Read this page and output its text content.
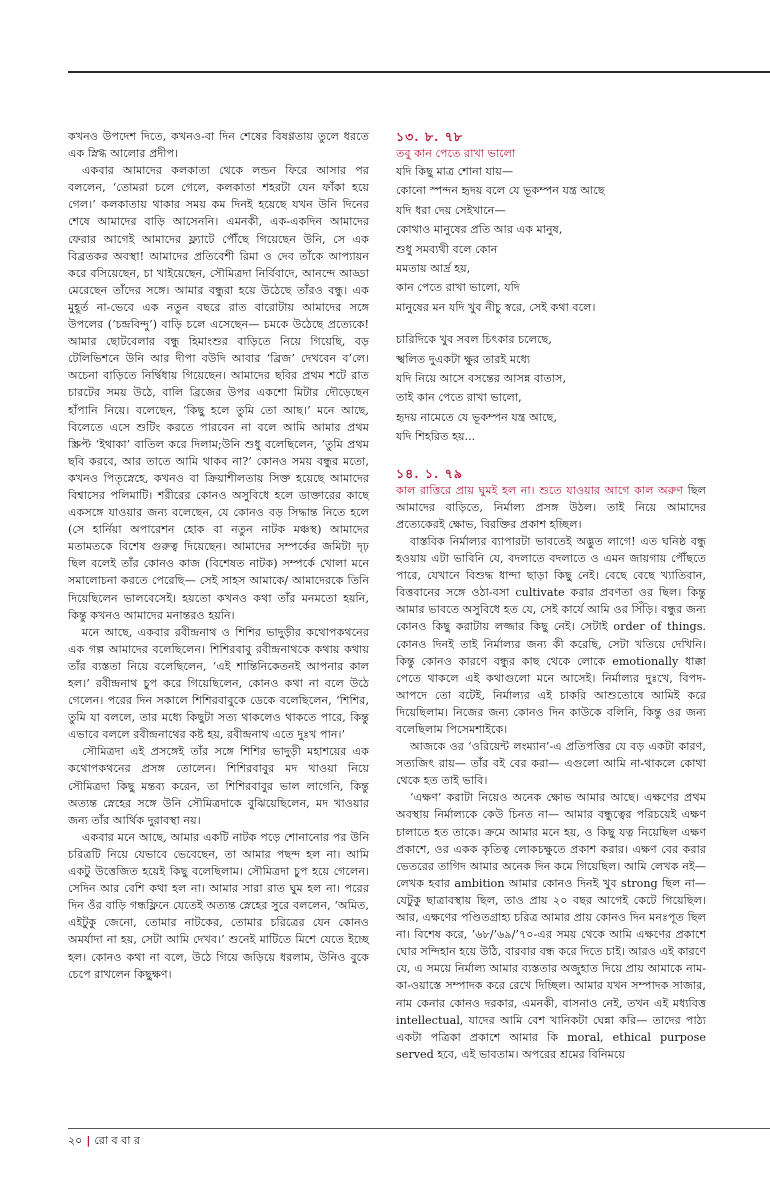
কখনও উপদেশ দিতে, কখনও-বা দিন শেষের বিষণ্ণতায় তুলে ধরতে এক স্নিগ্ধ আলোর প্রদীপ।

একবার আমাদের কলকাতা থেকে লন্ডন ফিরে আসার পর বললেন, ‘তোমরা চলে গেলে, কলকাতা শহরটা যেন ফাঁকা হয়ে গেল।’ কলকাতায় থাকার সময় কম দিনই হয়েছে যখন উনি দিনের শেষে আমাদের বাড়ি আসেননি। এমনকী, এক-একদিন আমাদের ফেরার আগেই আমাদের ফ্ল্যাটে পৌঁছে গিয়েছেন উনি, সে এক বিব্রতকর অবস্থা! আমাদের প্রতিবেশী রিমা ও দেব তাঁকে আপ্যায়ন করে বসিয়েছেন, চা খাইয়েছেন, সৌমিত্রদা নির্বিবাদে, আনন্দে আড্ডা মেরেছেন তাঁদের সঙ্গে। আমার বন্ধুরা হয়ে উঠেছে তাঁরও বন্ধু। এক মুহূর্ত না-ভেবে এক নতুন বছরে রাত বারোটায় আমাদের সঙ্গে উপলের (‘চন্দ্রবিন্দু’) বাড়ি চলে এসেছেন— চমকে উঠেছে প্রত্যেকে! আমার ছোটবেলার বন্ধু হিমাংশুর বাড়িতে নিয়ে গিয়েছি, বড় টেলিভিশনে উনি আর দীপা বউদি আবার ‘ব্রিজ’ দেখবেন ব’লে। অচেনা বাড়িতে নির্দ্বিধায় গিয়েছেন। আমাদের ছবির প্রথম শটে রাত চারটের সময় উঠে, বালি ব্রিজের উপর একশো মিটার দৌড়েছেন হাঁপানি নিয়ে। বলেছেন, ‘কিছু হলে তুমি তো আছ।’ মনে আছে, বিলেতে এসে শুটিং করতে পারবেন না বলে আমি আমার প্রথম স্ক্রিপ্ট ‘ইথাকা’ বাতিল করে দিলাম;উনি শুধু বলেছিলেন, ‘তুমি প্রথম ছবি করবে, আর তাতে আমি থাকব না?’ কোনও সময় বন্ধুর মতো, কখনও পিতৃস্নেহে, কখনও বা ক্রিয়াশীলতায় সিক্ত হয়েছে আমাদের বিশ্বাসের পলিমাটি। শরীরের কোনও অসুবিধে হলে ডাক্তারের কাছে একসঙ্গে যাওয়ার জন্য বলেছেন, যে কোনও বড় সিদ্ধান্ত নিতে হলে (সে হার্নিয়া অপারেশন হোক বা নতুন নাটক মঞ্চস্থ) আমাদের মতামতকে বিশেষ গুরুত্ব দিয়েছেন। আমাদের সম্পর্কের জমিটা দৃঢ় ছিল বলেই তাঁর কোনও কাজ (বিশেষত নাটক) সম্পর্কে খোলা মনে সমালোচনা করতে পেরেছি— সেই সাহস আমাকে/ আমাদেরকে তিনি দিয়েছিলেন ভালবেসেই। হয়তো কখনও কথা তাঁর মনমতো হয়নি, কিন্তু কখনও আমাদের মনান্তরও হয়নি।

মনে আছে, একবার রবীন্দ্রনাথ ও শিশির ভাদুড়ীর কথোপকথনের এক গল্প আমাদের বলেছিলেন। শিশিরবাবু রবীন্দ্রনাথকে কথায় কথায় তাঁর ব্যস্ততা নিয়ে বলেছিলেন, ‘এই শান্তিনিকেতনই আপনার কাল হল।’ রবীন্দ্রনাথ চুপ করে গিয়েছিলেন, কোনও কথা না বলে উঠে গেলেন। পরের দিন সকালে শিশিরবাবুকে ডেকে বলেছিলেন, ‘শিশির, তুমি যা বললে, তার মধ্যে কিছুটা সত্য থাকলেও থাকতে পারে, কিন্তু এভাবে বললে রবীন্দ্রনাথের কষ্ট হয়, রবীন্দ্রনাথ এতে দুঃখ পান।’

সৌমিত্রদা এই প্রসঙ্গেই তাঁর সঙ্গে শিশির ভাদুড়ী মহাশয়ের এক কথোপকথনের প্রসঙ্গ তোলেন। শিশিরবাবুর মদ খাওয়া নিয়ে সৌমিত্রদা কিছু মন্তব্য করেন, তা শিশিরবাবুর ভাল লাগেনি, কিন্তু অত্যন্ত স্নেহের সঙ্গে উনি সৌমিত্রদাকে বুঝিয়েছিলেন, মদ খাওয়ার জন্য তাঁর আর্থিক দুরাবস্থা নয়।

একবার মনে আছে, আমার একটি নাটক পড়ে শোনানোর পর উনি চরিত্রটি নিয়ে যেভাবে ভেবেছেন, তা আমার পছন্দ হল না। আমি একটু উত্তেজিত হয়েই কিছু বলেছিলাম। সৌমিত্রদা চুপ হয়ে গেলেন। সেদিন আর বেশি কথা হল না। আমার সারা রাত ঘুম হল না। পরের দিন ওঁর বাড়ি গন্ধফ্লিনে যেতেই অত্যন্ত স্নেহের সুরে বললেন, ‘অমিত, এইটুকু জেনো, তোমার নাটকের, তোমার চরিত্রের যেন কোনও অমর্যাদা না হয়, সেটা আমি দেখব।’ শুনেই মাটিতে মিশে যেতে ইচ্ছে হল। কোনও কথা না বলে, উঠে গিয়ে জড়িয়ে ধরলাম, উনিও বুকে চেপে রাখলেন কিছুক্ষণ।

১৩. ৮. ৭৮

তবু কান পেতে রাখা ভালো

যদি কিছু মাত্র শোনা যায়—

কোনো স্পন্দন হৃদয় বলে যে ভূকম্পন যন্ত্র আছে

যদি ধরা দেয় সেইখানে—

কোথাও মানুষের প্রতি আর এক মানুষ,

শুধু সমব্যথী বলে কোন

মমতায় আর্দ্র হয়,

কান পেতে রাখা ভালো, যদি

মানুষের মন যদি খুব নীচু স্বরে, সেই কথা বলে।

চারিদিকে খুব সবল চিৎকার চলেছে,

স্খলিত দুএকটা ক্ষুর তারই মধ্যে

যদি নিয়ে আসে বসন্তের আসন্ন বাতাস,

তাই কান পেতে রাখা ভালো,

হৃদয় নামেতে যে ভূকম্পন যন্ত্র আছে,

যদি শিহরিত হয়...

১৪. ১. ৭৯

কাল রাত্তিরে প্রায় ঘুমই হল না। শুতে যাওয়ার আগে কাল অরুণ ছিল আমাদের বাড়িতে, নির্মাল্য প্রসঙ্গ উঠল। তাই নিয়ে আমাদের প্রত্যেকেরই ক্ষোভ, বিরক্তির প্রকাশ হচ্ছিল।

বাস্তবিক নির্মাল্যর ব্যাপারটা ভাবতেই অদ্ভুত লাগে! এত ঘনিষ্ঠ বন্ধু হওয়ায় এটা ভাবিনি যে, বদলাতে বদলাতে ও এমন জায়গায় পৌঁছতে পারে, যেখানে বিশুদ্ধ ধান্দা ছাড়া কিছু নেই। বেছে বেছে খ্যাতিবান, বিত্তবানের সঙ্গে ওঠা-বসা cultivate করার প্রবণতা ওর ছিল। কিন্তু আমার ভাবতে অসুবিধে হত যে, সেই কার্যে আমি ওর সিঁড়ি। বন্ধুর জন্য কোনও কিছু করাটায় লজ্জার কিছু নেই। সেটাই order of things. কোনও দিনই তাই নির্মাল্যর জন্য কী করেছি, সেটা খতিয়ে দেখিনি। কিন্তু কোনও কারণে বন্ধুর কাছ থেকে লোকে emotionally ধাক্কা পেতে থাকলে এই কথাগুলো মনে আসেই। নির্মাল্যর দুঃখে, বিপদ-আপদে তো বটেই, নির্মাল্যর এই চাকরি আশুতোষে আমিই করে দিয়েছিলাম। নিজের জন্য কোনও দিন কাউকে বলিনি, কিন্তু ওর জন্য বলেছিলাম পিসেমশাইকে।

আজকে ওর ‘ওরিয়েন্ট লংম্যান’-এ প্রতিপত্তির যে বড় একটা কারণ, সত্যজিৎ রায়— তাঁর বই বের করা— এগুলো আমি না-থাকলে কোথা থেকে হত তাই ভাবি।

‘এক্ষণ’ করাটা নিয়েও অনেক ক্ষোভ আমার আছে। এক্ষণের প্রথম অবস্থায় নির্মাল্যকে কেউ চিনত না— আমার বন্ধুত্বের পরিচয়েই এক্ষণ চালাতে হত তাকে। ক্রমে আমার মনে হয়, ও কিছু যত্ন নিয়েছিল এক্ষণ প্রকাশে, ওর একক কৃতিত্ব লোকচক্ষুতে প্রকাশ করার। এক্ষণ বের করার ভেতরের তাগিদ আমার অনেক দিন কমে গিয়েছিল। আমি লেখক নই— লেখক হবার ambition আমার কোনও দিনই খুব strong ছিল না— যেটুকু ছাত্রাবস্থায় ছিল, তাও প্রায় ২০ বছর আগেই কেটে গিয়েছিল। আর, এক্ষণের পণ্ডিতগ্রাহ্য চরিত্র আমার প্রায় কোনও দিন মনঃপূত ছিল না। বিশেষ করে, ’৬৮/’৬৯/’৭০-এর সময় থেকে আমি এক্ষণের প্রকাশে ঘোর সন্দিহান হয়ে উঠি, বারবার বন্ধ করে দিতে চাই। আরও এই কারণে যে, এ সময়ে নির্মাল্য আমার ব্যস্ততার অজুহাত দিয়ে প্রায় আমাকে নাম-কা-ওয়াস্তে সম্পাদক করে রেখে দিচ্ছিল। আমার যখন সম্পাদক সাজার, নাম কেনার কোনও দরকার, এমনকী, বাসনাও নেই, তখন এই মধ্যবিত্ত intellectual, যাদের আমি বেশ খানিকটা ঘেন্না করি— তাদের পাঠ্য একটা পত্রিকা প্রকাশে আমার কি moral, ethical purpose served হবে, এই ভাবতাম। অপরের শ্রমের বিনিময়ে

২০ | রো ব বা র
